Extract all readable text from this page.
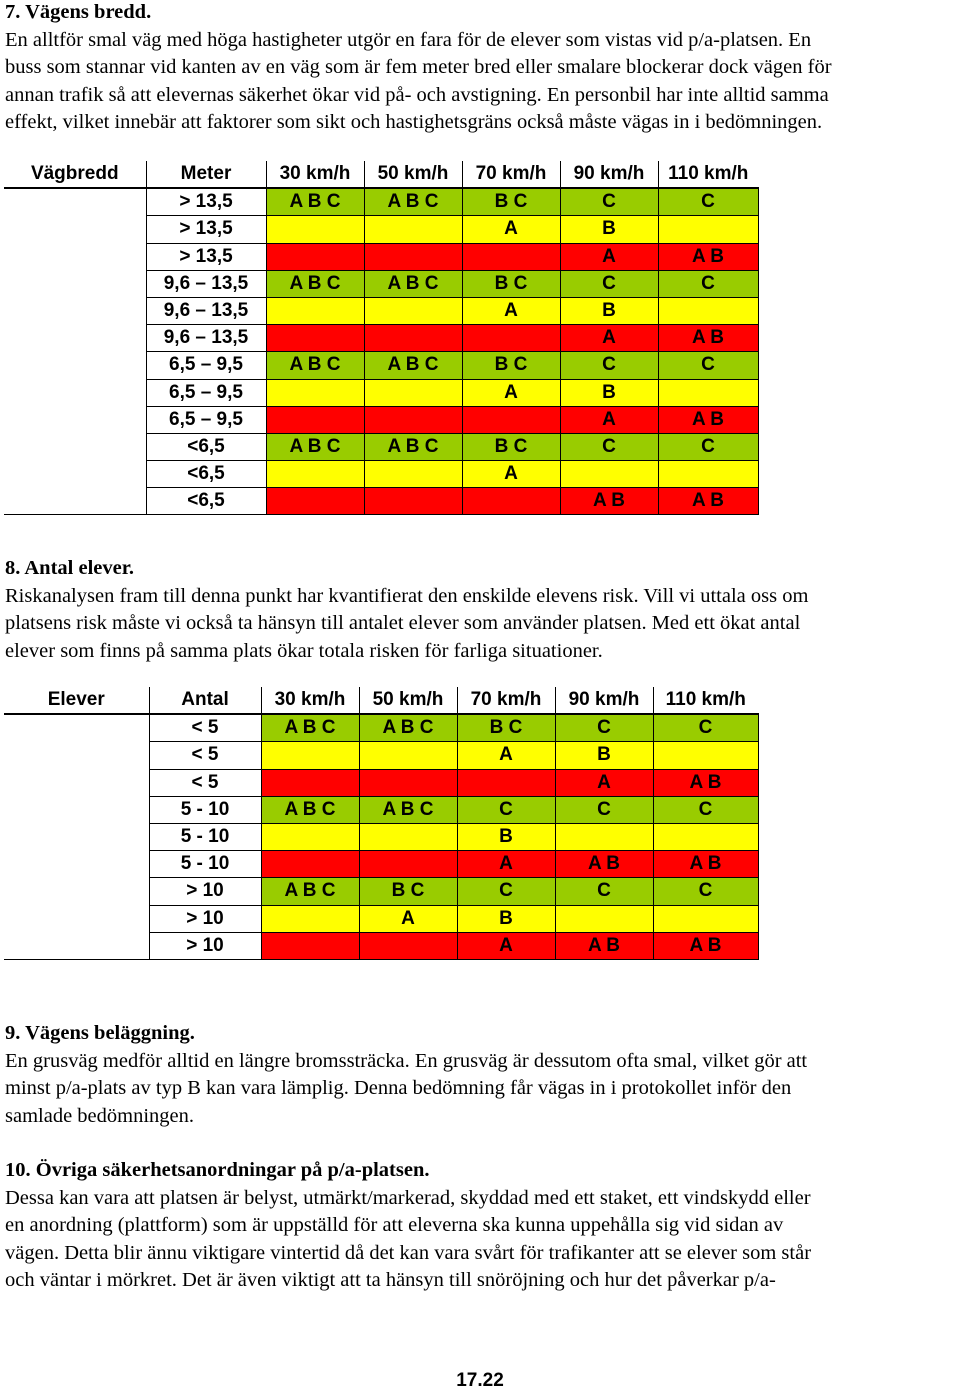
7. Vägens bredd.

En alltför smal väg med höga hastigheter utgör en fara för de elever som vistas vid p/a-platsen. En

buss som stannar vid kanten av en väg som är fem meter bred eller smalare blockerar dock vägen för

annan trafik så att elevernas säkerhet ökar vid på- och avstigning. En personbil har inte alltid samma

effekt, vilket innebär att faktorer som sikt och hastighetsgräns också måste vägas in i bedömningen.

Vägbredd	Meter	30 km/h	50 km/h	70 km/h	90 km/h	110 km/h
	> 13,5	A B C	A B C	B C	C	C
	> 13,5			A	B	
	> 13,5				A	A B
	9,6 – 13,5	A B C	A B C	B C	C	C
	9,6 – 13,5			A	B	
	9,6 – 13,5				A	A B
	6,5 – 9,5	A B C	A B C	B C	C	C
	6,5 – 9,5			A	B	
	6,5 – 9,5				A	A B
	<6,5	A B C	A B C	B C	C	C
	<6,5			A		
	<6,5				A B	A B

8. Antal elever.

Riskanalysen fram till denna punkt har kvantifierat den enskilde elevens risk. Vill vi uttala oss om

platsens risk måste vi också ta hänsyn till antalet elever som använder platsen. Med ett ökat antal

elever som finns på samma plats ökar totala risken för farliga situationer.

Elever	Antal	30 km/h	50 km/h	70 km/h	90 km/h	110 km/h
	< 5	A B C	A B C	B C	C	C
	< 5			A	B	
	< 5				A	A B
	5 - 10	A B C	A B C	C	C	C
	5 - 10			B		
	5 - 10			A	A B	A B
	> 10	A B C	B C	C	C	C
	> 10		A	B		
	> 10			A	A B	A B

9. Vägens beläggning.

En grusväg medför alltid en längre bromssträcka. En grusväg är dessutom ofta smal, vilket gör att

minst p/a-plats av typ B kan vara lämplig. Denna bedömning får vägas in i protokollet inför den

samlade bedömningen.

10. Övriga säkerhetsanordningar på p/a-platsen.

Dessa kan vara att platsen är belyst, utmärkt/markerad, skyddad med ett staket, ett vindskydd eller

en anordning (plattform) som är uppställd för att eleverna ska kunna uppehålla sig vid sidan av

vägen. Detta blir ännu viktigare vintertid då det kan vara svårt för trafikanter att se elever som står

och väntar i mörkret. Det är även viktigt att ta hänsyn till snöröjning och hur det påverkar p/a-

17.22
